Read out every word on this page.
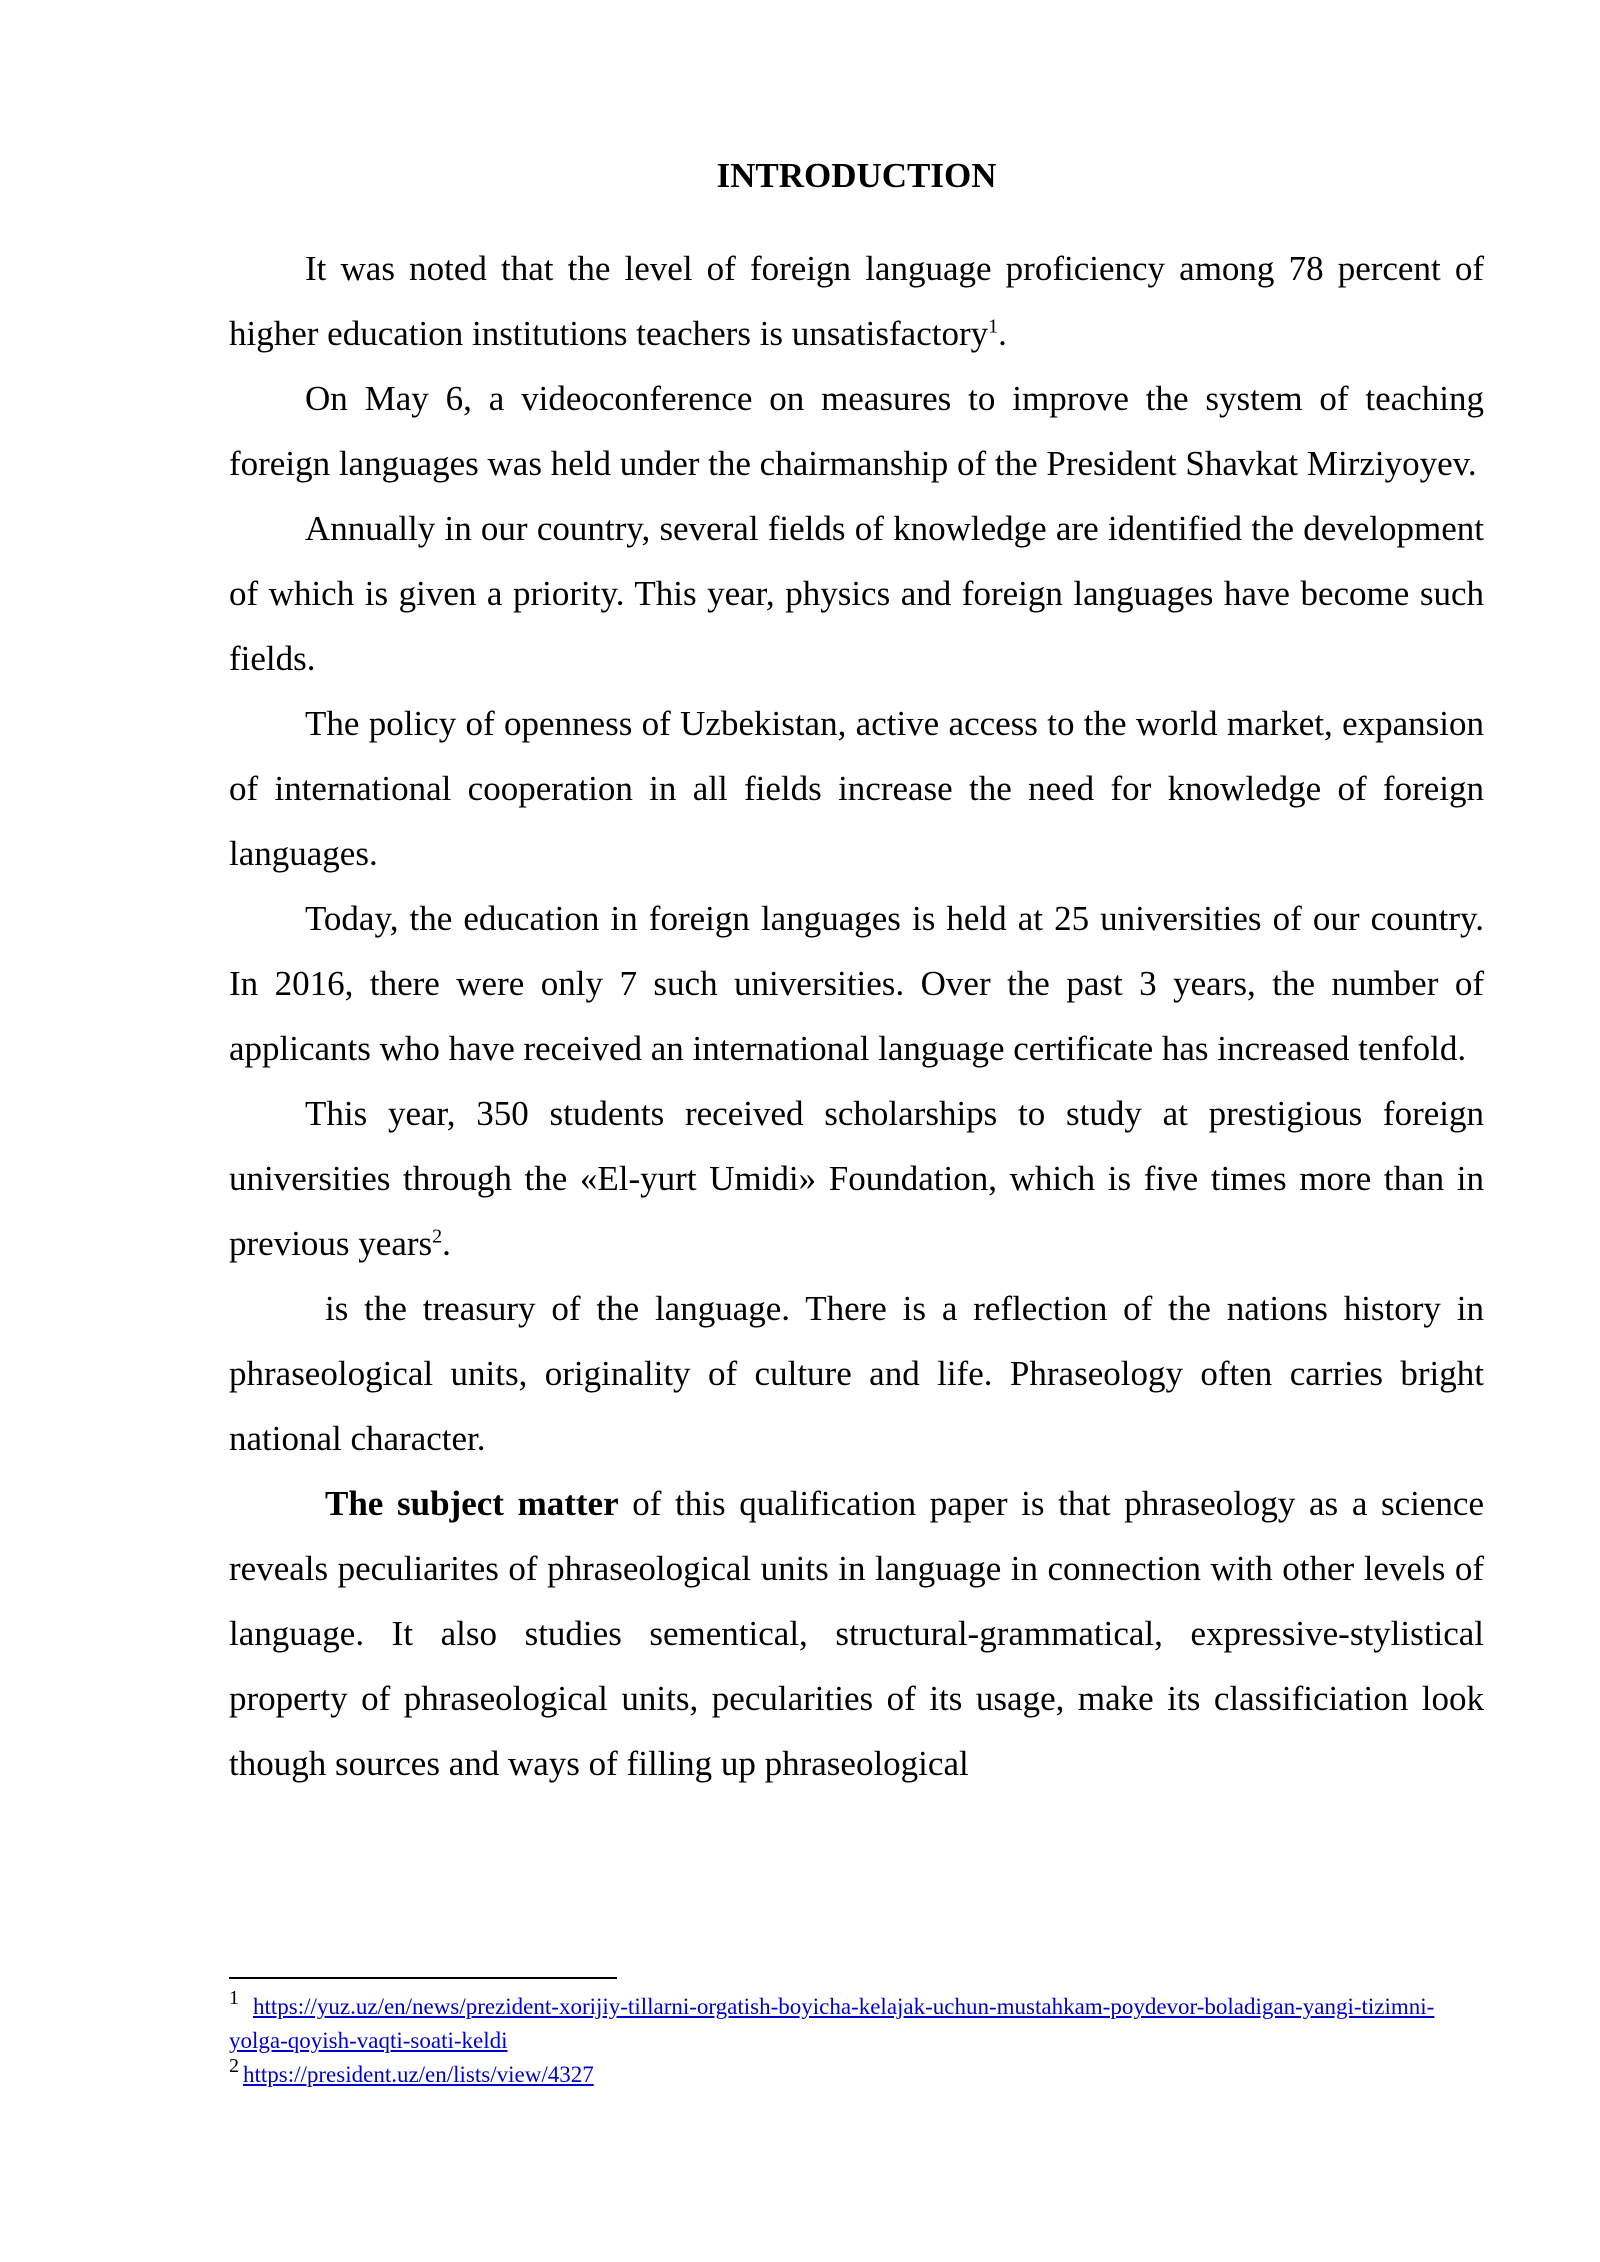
INTRODUCTION

It was noted that the level of foreign language proficiency among 78 percent of higher education institutions teachers is unsatisfactory$^1$.

On May 6, a videoconference on measures to improve the system of teaching foreign languages was held under the chairmanship of the President Shavkat Mirziyoyev.

Annually in our country, several fields of knowledge are identified the development of which is given a priority. This year, physics and foreign languages have become such fields.

The policy of openness of Uzbekistan, active access to the world market, expansion of international cooperation in all fields increase the need for knowledge of foreign languages.

Today, the education in foreign languages is held at 25 universities of our country. In 2016, there were only 7 such universities. Over the past 3 years, the number of applicants who have received an international language certificate has increased tenfold.

This year, 350 students received scholarships to study at prestigious foreign universities through the «El-yurt Umidi» Foundation, which is five times more than in previous years$^2$.

is the treasury of the language. There is a reflection of the nations history in phraseological units, originality of culture and life. Phraseology often carries bright national character.

The subject matter of this qualification paper is that phraseology as a science reveals peculiarites of phraseological units in language in connection with other levels of language. It also studies sementical, structural-grammatical, expressive-stylistical property of phraseological units, pecularities of its usage, make its classificiation look though sources and ways of filling up phraseological

1 https://yuz.uz/en/news/prezident-xorijiy-tillarni-orgatish-boyicha-kelajak-uchun-mustahkam-poydevor-boladigan-yangi-tizimni-yolga-qoyish-vaqti-soati-keldi

2 https://president.uz/en/lists/view/4327
